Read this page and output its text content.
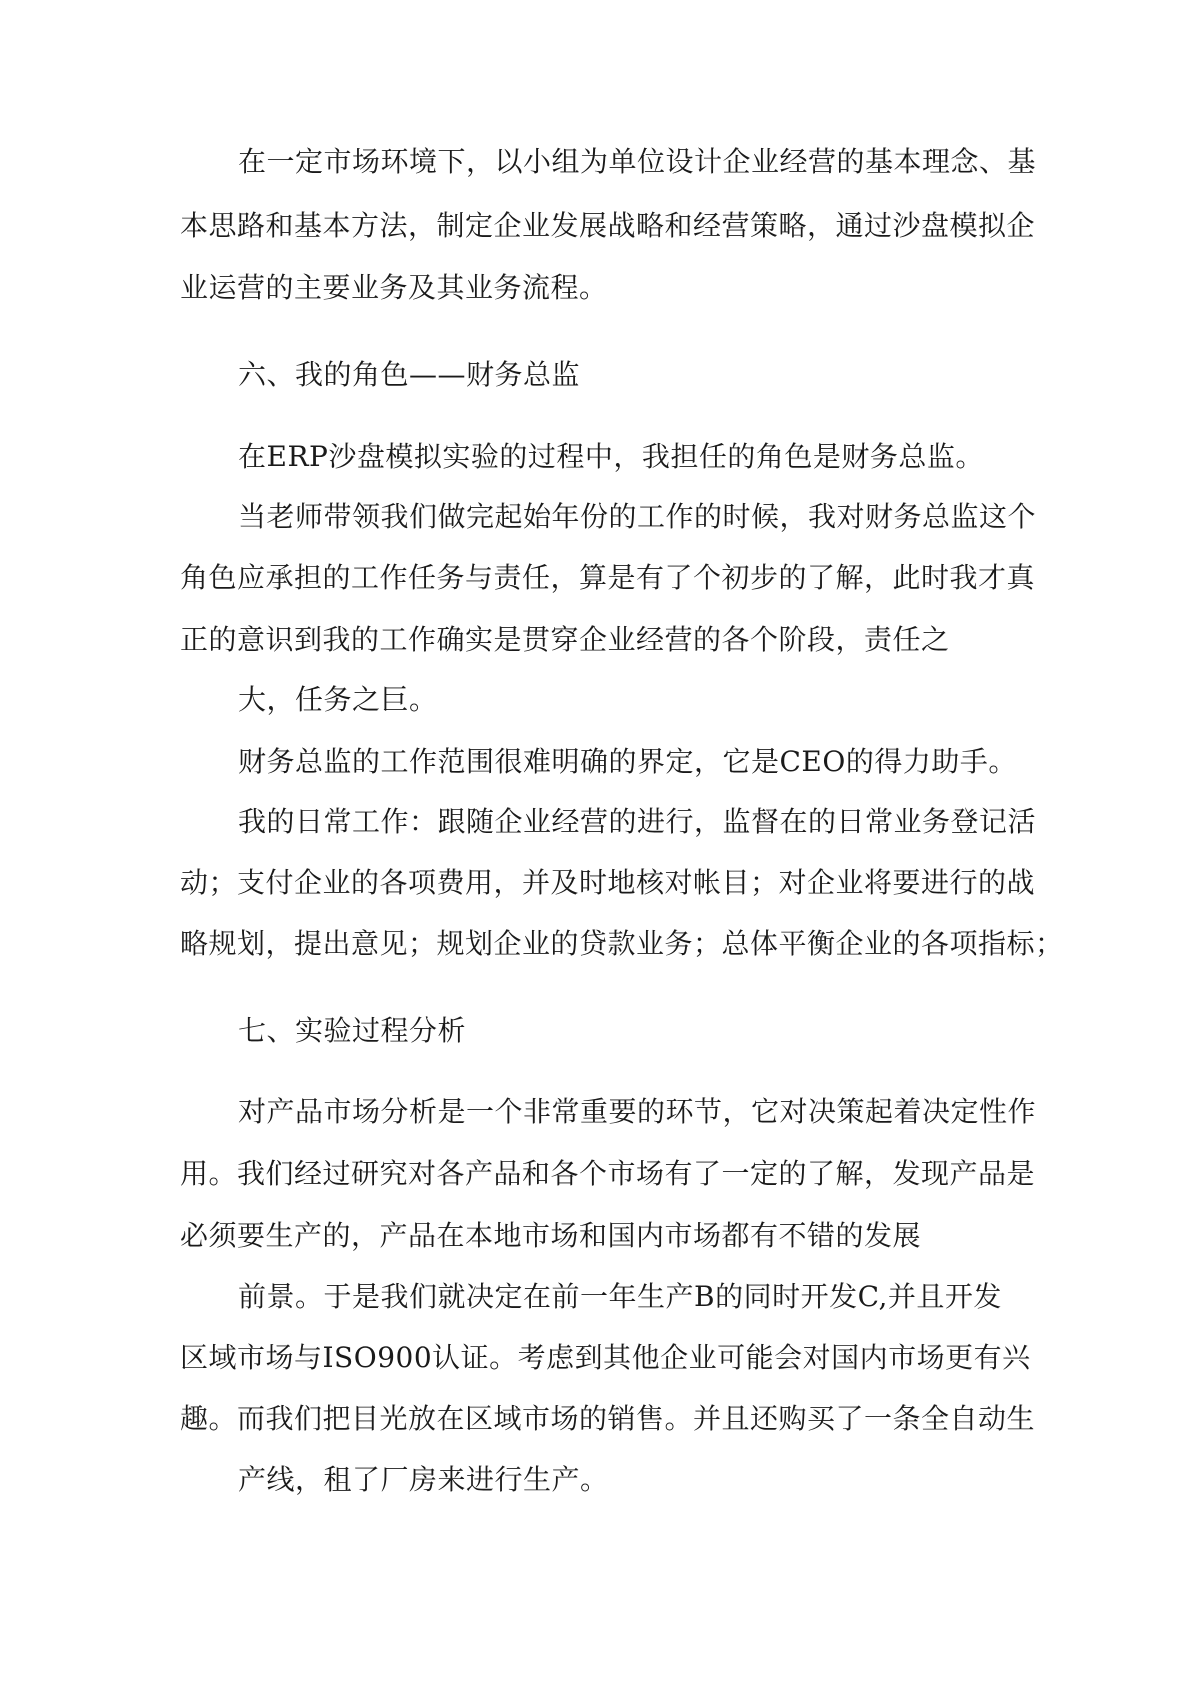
在一定市场环境下，以小组为单位设计企业经营的基本理念、基
本思路和基本方法，制定企业发展战略和经营策略，通过沙盘模拟企
业运营的主要业务及其业务流程。
六、我的角色——财务总监
在ERP沙盘模拟实验的过程中，我担任的角色是财务总监。
当老师带领我们做完起始年份的工作的时候，我对财务总监这个
角色应承担的工作任务与责任，算是有了个初步的了解，此时我才真
正的意识到我的工作确实是贯穿企业经营的各个阶段，责任之
大，任务之巨。
财务总监的工作范围很难明确的界定，它是CEO的得力助手。
我的日常工作：跟随企业经营的进行，监督在的日常业务登记活
动；支付企业的各项费用，并及时地核对帐目；对企业将要进行的战
略规划，提出意见；规划企业的贷款业务；总体平衡企业的各项指标；
七、实验过程分析
对产品市场分析是一个非常重要的环节，它对决策起着决定性作
用。我们经过研究对各产品和各个市场有了一定的了解，发现产品是
必须要生产的，产品在本地市场和国内市场都有不错的发展
前景。于是我们就决定在前一年生产B的同时开发C,并且开发
区域市场与ISO900认证。考虑到其他企业可能会对国内市场更有兴
趣。而我们把目光放在区域市场的销售。并且还购买了一条全自动生
产线，租了厂房来进行生产。
